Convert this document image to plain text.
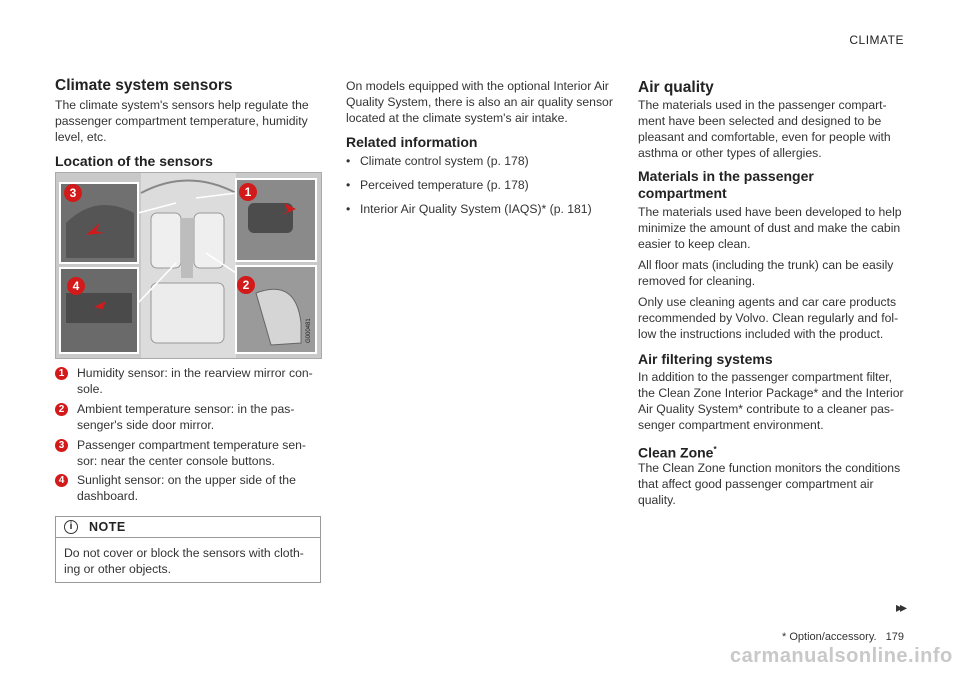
CLIMATE
Climate system sensors

The climate system's sensors help regulate the passenger compartment temperature, humidity level, etc.

Location of the sensors
3
4
1
2
G000481
1	Humidity sensor: in the rearview mirror con-sole.
2	Ambient temperature sensor: in the pas-senger's side door mirror.
3	Passenger compartment temperature sen-sor: near the center console buttons.
4	Sunlight sensor: on the upper side of the dashboard.
i	NOTE
Do not cover or block the sensors with cloth-ing or other objects.

On models equipped with the optional Interior Air Quality System, there is also an air quality sensor located at the climate system's air intake.

Related information
• Climate control system (p. 178)
• Perceived temperature (p. 178)
• Interior Air Quality System (IAQS)* (p. 181)
Air quality

The materials used in the passenger compart-ment have been selected and designed to be pleasant and comfortable, even for people with asthma or other types of allergies.

Materials in the passenger compartment

The materials used have been developed to help minimize the amount of dust and make the cabin easier to keep clean.

All floor mats (including the trunk) can be easily removed for cleaning.

Only use cleaning agents and car care products recommended by Volvo. Clean regularly and fol-low the instructions included with the product.

Air filtering systems

In addition to the passenger compartment filter, the Clean Zone Interior Package* and the Interior Air Quality System* contribute to a cleaner pas-senger compartment environment.

Clean Zone*

The Clean Zone function monitors the conditions that affect good passenger compartment air quality.

▸▸
* Option/accessory. 179
carmanualsonline.info
